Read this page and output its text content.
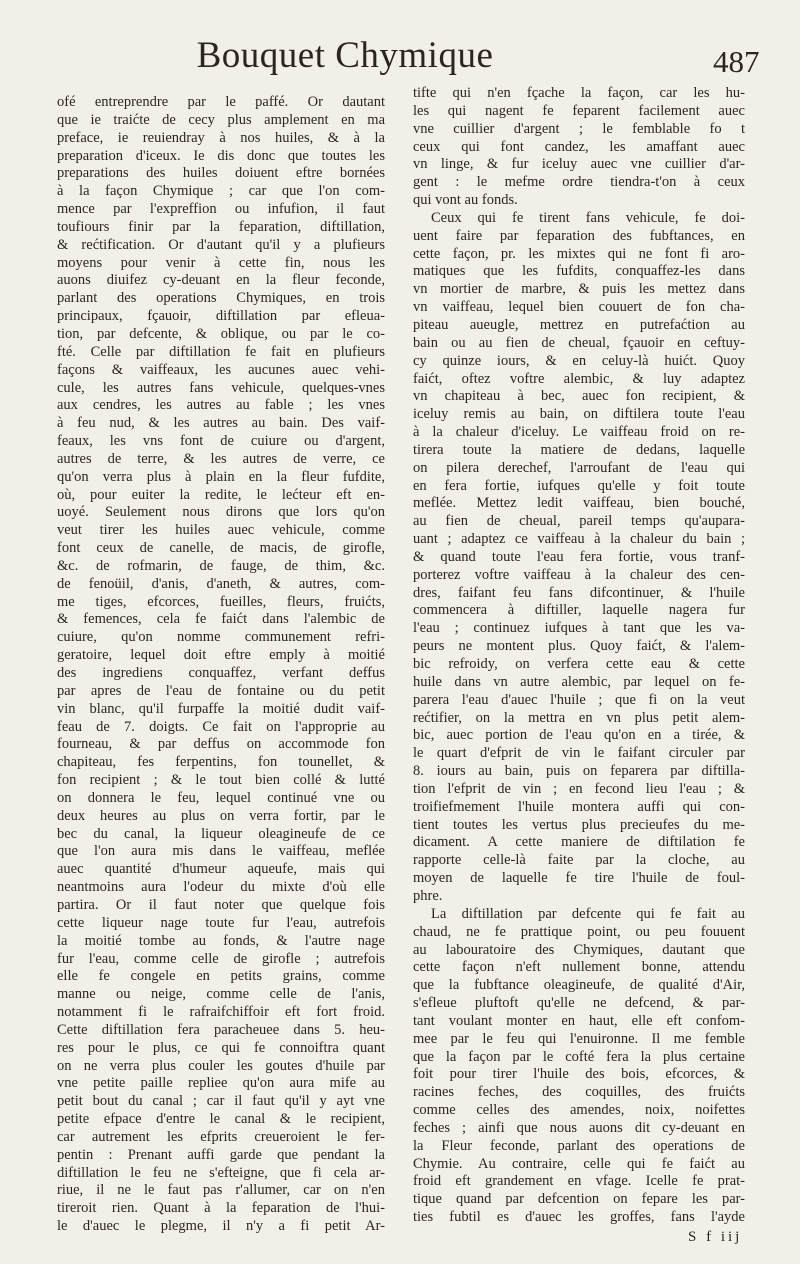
Bouquet Chymique	487
ofé entreprendre par le paffé. Or dautant
que ie traićte de cecy plus amplement en ma
preface, ie reuiendray à nos huiles, & à la
preparation d'iceux. Ie dis donc que toutes les
preparations des huiles doiuent eftre bornées
à la façon Chymique ; car que l'on com-
mence par l'expreffion ou infufion, il faut
toufiours finir par la feparation, diftillation,
& rećtification. Or d'autant qu'il y a plufieurs
moyens pour venir à cette fin, nous les
auons diuifez cy-deuant en la fleur feconde,
parlant des operations Chymiques, en trois
principaux, fçauoir, diftillation par efleua-
tion, par defcente, & oblique, ou par le co-
fté. Celle par diftillation fe fait en plufieurs
façons & vaiffeaux, les aucunes auec vehi-
cule, les autres fans vehicule, quelques-vnes
aux cendres, les autres au fable ; les vnes
à feu nud, & les autres au bain. Des vaif-
feaux, les vns font de cuiure ou d'argent,
autres de terre, & les autres de verre, ce
qu'on verra plus à plain en la fleur fufdite,
où, pour euiter la redite, le lećteur eft en-
uoyé. Seulement nous dirons que lors qu'on
veut tirer les huiles auec vehicule, comme
font ceux de canelle, de macis, de girofle,
&c. de rofmarin, de fauge, de thim, &c.
de fenoüil, d'anis, d'aneth, & autres, com-
me tiges, efcorces, fueilles, fleurs, fruićts,
& femences, cela fe faićt dans l'alembic de
cuiure, qu'on nomme communement refri-
geratoire, lequel doit eftre emply à moitié
des ingrediens conquaffez, verfant deffus
par apres de l'eau de fontaine ou du petit
vin blanc, qu'il furpaffe la moitié dudit vaif-
feau de 7. doigts. Ce fait on l'approprie au
fourneau, & par deffus on accommode fon
chapiteau, fes ferpentins, fon tounellet, &
fon recipient ; & le tout bien collé & lutté
on donnera le feu, lequel continué vne ou
deux heures au plus on verra fortir, par le
bec du canal, la liqueur oleagineufe de ce
que l'on aura mis dans le vaiffeau, meflée
auec quantité d'humeur aqueufe, mais qui
neantmoins aura l'odeur du mixte d'où elle
partira. Or il faut noter que quelque fois
cette liqueur nage toute fur l'eau, autrefois
la moitié tombe au fonds, & l'autre nage
fur l'eau, comme celle de girofle ; autrefois
elle fe congele en petits grains, comme
manne ou neige, comme celle de l'anis,
notamment fi le rafraifchiffoir eft fort froid.
Cette diftillation fera paracheuee dans 5. heu-
res pour le plus, ce qui fe connoiftra quant
on ne verra plus couler les goutes d'huile par
vne petite paille repliee qu'on aura mife au
petit bout du canal ; car il faut qu'il y ayt vne
petite efpace d'entre le canal & le recipient,
car autrement les efprits creueroient le fer-
pentin : Prenant auffi garde que pendant la
diftillation le feu ne s'efteigne, que fi cela ar-
riue, il ne le faut pas r'allumer, car on n'en
tireroit rien. Quant à la feparation de l'hui-
le d'auec le plegme, il n'y a fi petit Ar-
tifte qui n'en fçache la façon, car les hu-
les qui nagent fe feparent facilement auec
vne cuillier d'argent ; le femblable fo t
ceux qui font candez, les amaffant auec
vn linge, & fur iceluy auec vne cuillier d'ar-
gent : le mefme ordre tiendra-t'on à ceux
qui vont au fonds.
Ceux qui fe tirent fans vehicule, fe doi-
uent faire par feparation des fubftances, en
cette façon, pr. les mixtes qui ne font fi aro-
matiques que les fufdits, conquaffez-les dans
vn mortier de marbre, & puis les mettez dans
vn vaiffeau, lequel bien couuert de fon cha-
piteau aueugle, mettrez en putrefaćtion au
bain ou au fien de cheual, fçauoir en ceftuy-
cy quinze iours, & en celuy-là huićt. Quoy
faićt, oftez voftre alembic, & luy adaptez
vn chapiteau à bec, auec fon recipient, &
iceluy remis au bain, on diftilera toute l'eau
à la chaleur d'iceluy. Le vaiffeau froid on re-
tirera toute la matiere de dedans, laquelle
on pilera derechef, l'arroufant de l'eau qui
en fera fortie, iufques qu'elle y foit toute
meflée. Mettez ledit vaiffeau, bien bouché,
au fien de cheual, pareil temps qu'aupara-
uant ; adaptez ce vaiffeau à la chaleur du bain ;
& quand toute l'eau fera fortie, vous tranf-
porterez voftre vaiffeau à la chaleur des cen-
dres, faifant feu fans difcontinuer, & l'huile
commencera à diftiller, laquelle nagera fur
l'eau ; continuez iufques à tant que les va-
peurs ne montent plus. Quoy faićt, & l'alem-
bic refroidy, on verfera cette eau & cette
huile dans vn autre alembic, par lequel on fe-
parera l'eau d'auec l'huile ; que fi on la veut
rećtifier, on la mettra en vn plus petit alem-
bic, auec portion de l'eau qu'on en a tirée, &
le quart d'efprit de vin le faifant circuler par
8. iours au bain, puis on feparera par diftilla-
tion l'efprit de vin ; en fecond lieu l'eau ; &
troifiefmement l'huile montera auffi qui con-
tient toutes les vertus plus precieufes du me-
dicament. A cette maniere de diftilation fe
rapporte celle-là faite par la cloche, au
moyen de laquelle fe tire l'huile de foul-
phre.
La diftillation par defcente qui fe fait au
chaud, ne fe prattique point, ou peu fouuent
au labouratoire des Chymiques, dautant que
cette façon n'eft nullement bonne, attendu
que la fubftance oleagineufe, de qualité d'Air,
s'efleue pluftoft qu'elle ne defcend, & par-
tant voulant monter en haut, elle eft confom-
mee par le feu qui l'enuironne. Il me femble
que la façon par le cofté fera la plus certaine
foit pour tirer l'huile des bois, efcorces, &
racines feches, des coquilles, des fruićts
comme celles des amendes, noix, noifettes
feches ; ainfi que nous auons dit cy-deuant en
la Fleur feconde, parlant des operations de
Chymie. Au contraire, celle qui fe faićt au
froid eft grandement en vfage. Icelle fe prat-
tique quand par defcention on fepare les par-
ties fubtil es d'auec les groffes, fans l'ayde
S f iij
